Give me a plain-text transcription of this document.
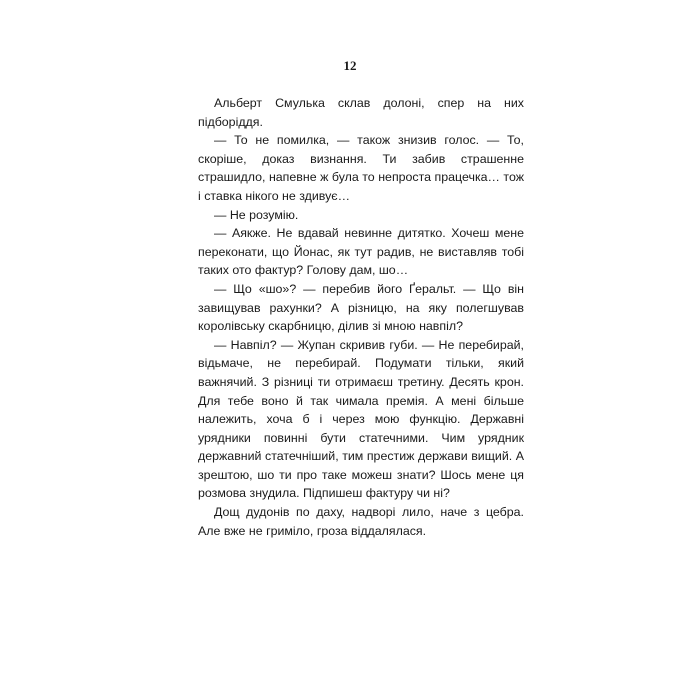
12

Альберт Смулька склав долоні, спер на них підборіддя.

— То не помилка, — також знизив голос. — То, скоріше, доказ визнання. Ти забив страшенне страшидло, напевне ж була то непроста працечка… тож і ставка нікого не здивує…

— Не розумію.

— Аякже. Не вдавай невинне дитятко. Хочеш мене переконати, що Йонас, як тут радив, не виставляв тобі таких ото фактур? Голову дам, шо…

— Що «шо»? — перебив його Ґеральт. — Що він завищував рахунки? А різницю, на яку полегшував королівську скарбницю, ділив зі мною навпіл?

— Навпіл? — Жупан скривив губи. — Не перебирай, відьмаче, не перебирай. Подумати тільки, який важнячий. З різниці ти отримаєш третину. Десять крон. Для тебе воно й так чимала премія. А мені більше належить, хоча б і через мою функцію. Державні урядники повинні бути статечними. Чим урядник державний статечніший, тим престиж держави вищий. А зрештою, шо ти про таке можеш знати? Шось мене ця розмова знудила. Підпишеш фактуру чи ні?

Дощ дудонів по даху, надворі лило, наче з цебра. Але вже не гриміло, гроза віддалялася.
